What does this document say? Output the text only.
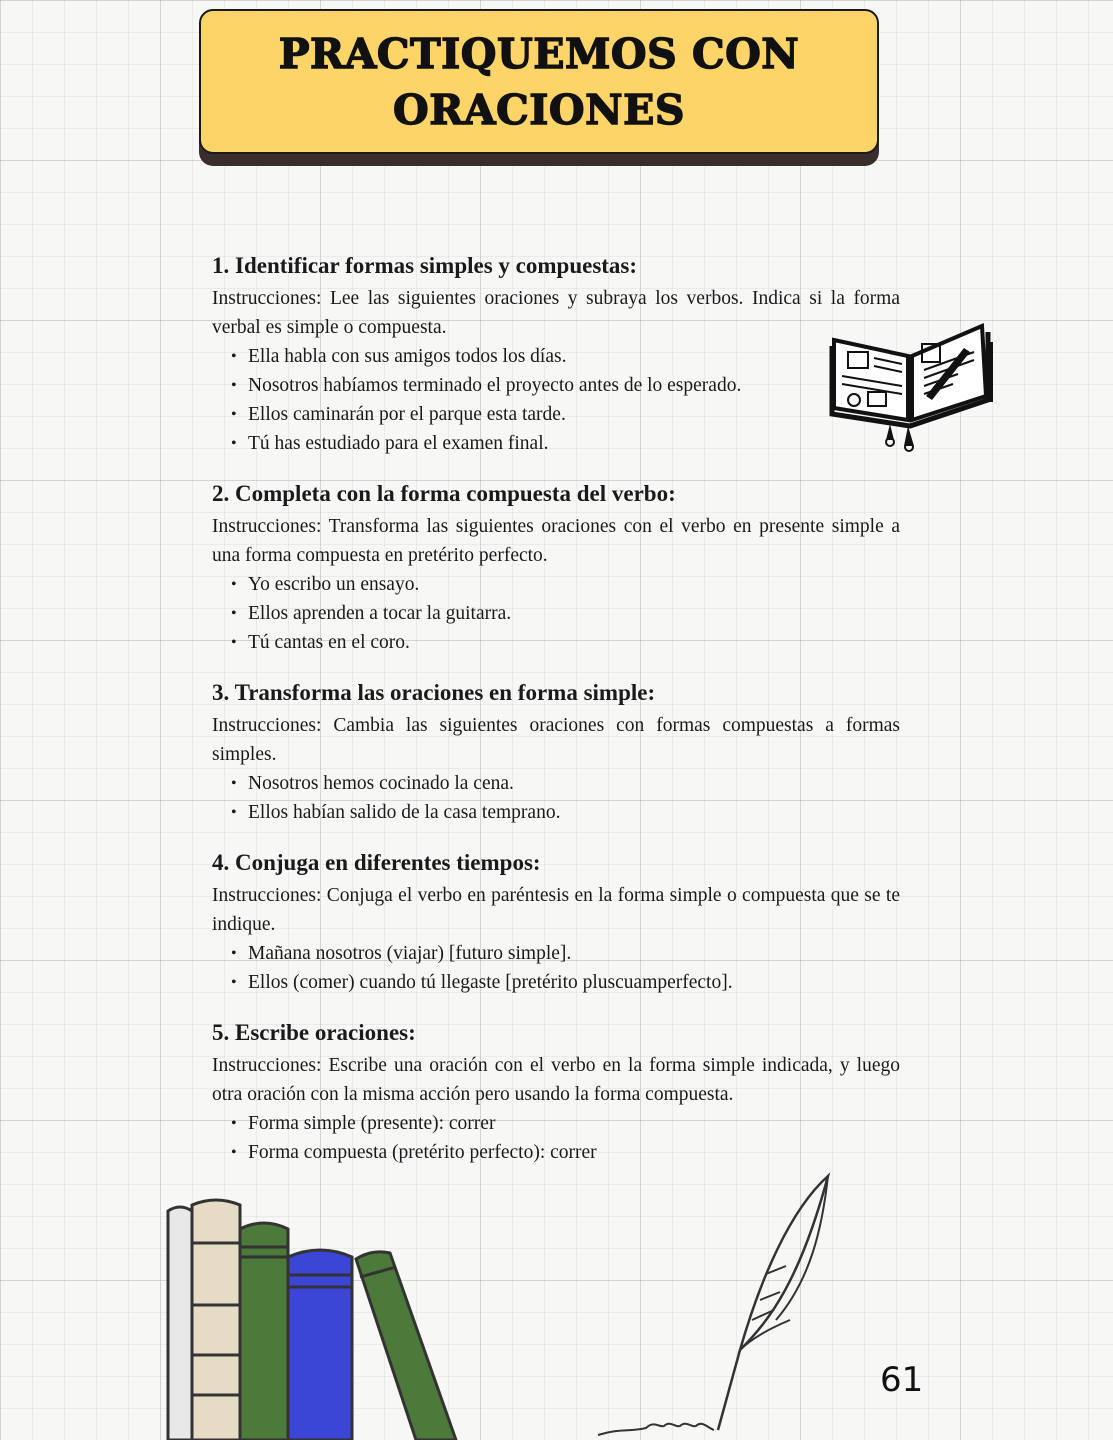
PRACTIQUEMOS CON ORACIONES
1. Identificar formas simples y compuestas:

Instrucciones: Lee las siguientes oraciones y subraya los verbos. Indica si la forma verbal es simple o compuesta.

• Ella habla con sus amigos todos los días.
• Nosotros habíamos terminado el proyecto antes de lo esperado.
• Ellos caminarán por el parque esta tarde.
• Tú has estudiado para el examen final.
2. Completa con la forma compuesta del verbo:

Instrucciones: Transforma las siguientes oraciones con el verbo en presente simple a una forma compuesta en pretérito perfecto.

• Yo escribo un ensayo.
• Ellos aprenden a tocar la guitarra.
• Tú cantas en el coro.
3. Transforma las oraciones en forma simple:

Instrucciones: Cambia las siguientes oraciones con formas compuestas a formas simples.

• Nosotros hemos cocinado la cena.
• Ellos habían salido de la casa temprano.
4. Conjuga en diferentes tiempos:

Instrucciones: Conjuga el verbo en paréntesis en la forma simple o compuesta que se te indique.

• Mañana nosotros (viajar) [futuro simple].
• Ellos (comer) cuando tú llegaste [pretérito pluscuamperfecto].
5. Escribe oraciones:

Instrucciones: Escribe una oración con el verbo en la forma simple indicada, y luego otra oración con la misma acción pero usando la forma compuesta.

• Forma simple (presente): correr
• Forma compuesta (pretérito perfecto): correr
61
